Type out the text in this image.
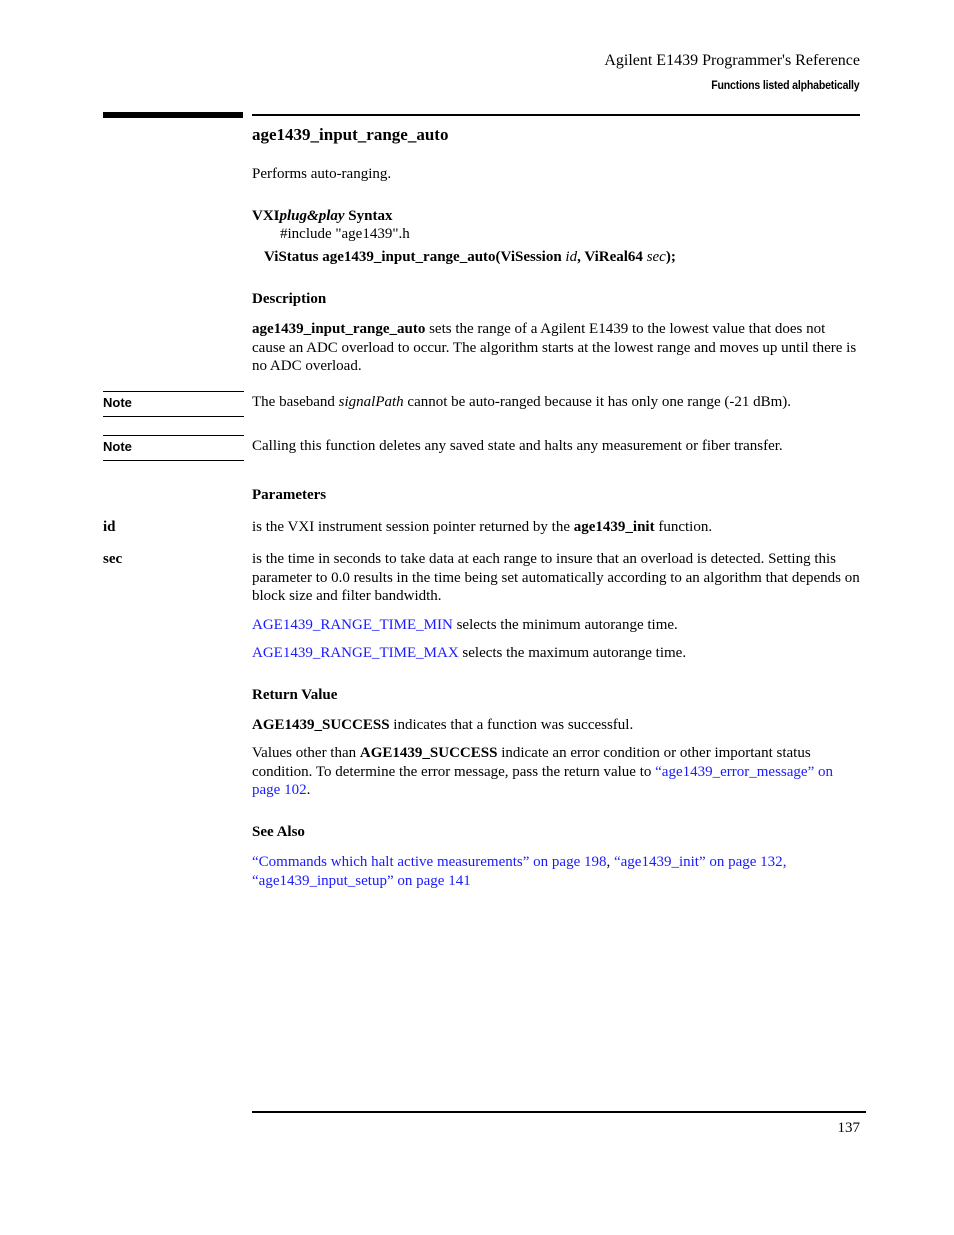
Agilent E1439 Programmer's Reference
Functions listed alphabetically
age1439_input_range_auto
Performs auto-ranging.
VXIplug&play Syntax
#include "age1439".h
ViStatus age1439_input_range_auto(ViSession id, ViReal64 sec);
Description
age1439_input_range_auto sets the range of a Agilent E1439 to the lowest value that does not cause an ADC overload to occur. The algorithm starts at the lowest range and moves up until there is no ADC overload.
Note	The baseband signalPath cannot be auto-ranged because it has only one range (-21 dBm).
Note	Calling this function deletes any saved state and halts any measurement or fiber transfer.
Parameters
id	is the VXI instrument session pointer returned by the age1439_init function.
sec	is the time in seconds to take data at each range to insure that an overload is detected. Setting this parameter to 0.0 results in the time being set automatically according to an algorithm that depends on block size and filter bandwidth.
AGE1439_RANGE_TIME_MIN selects the minimum autorange time.
AGE1439_RANGE_TIME_MAX selects the maximum autorange time.
Return Value
AGE1439_SUCCESS indicates that a function was successful.
Values other than AGE1439_SUCCESS indicate an error condition or other important status condition. To determine the error message, pass the return value to “age1439_error_message” on page 102.
See Also
“Commands which halt active measurements” on page 198, “age1439_init” on page 132,
“age1439_input_setup” on page 141
137
